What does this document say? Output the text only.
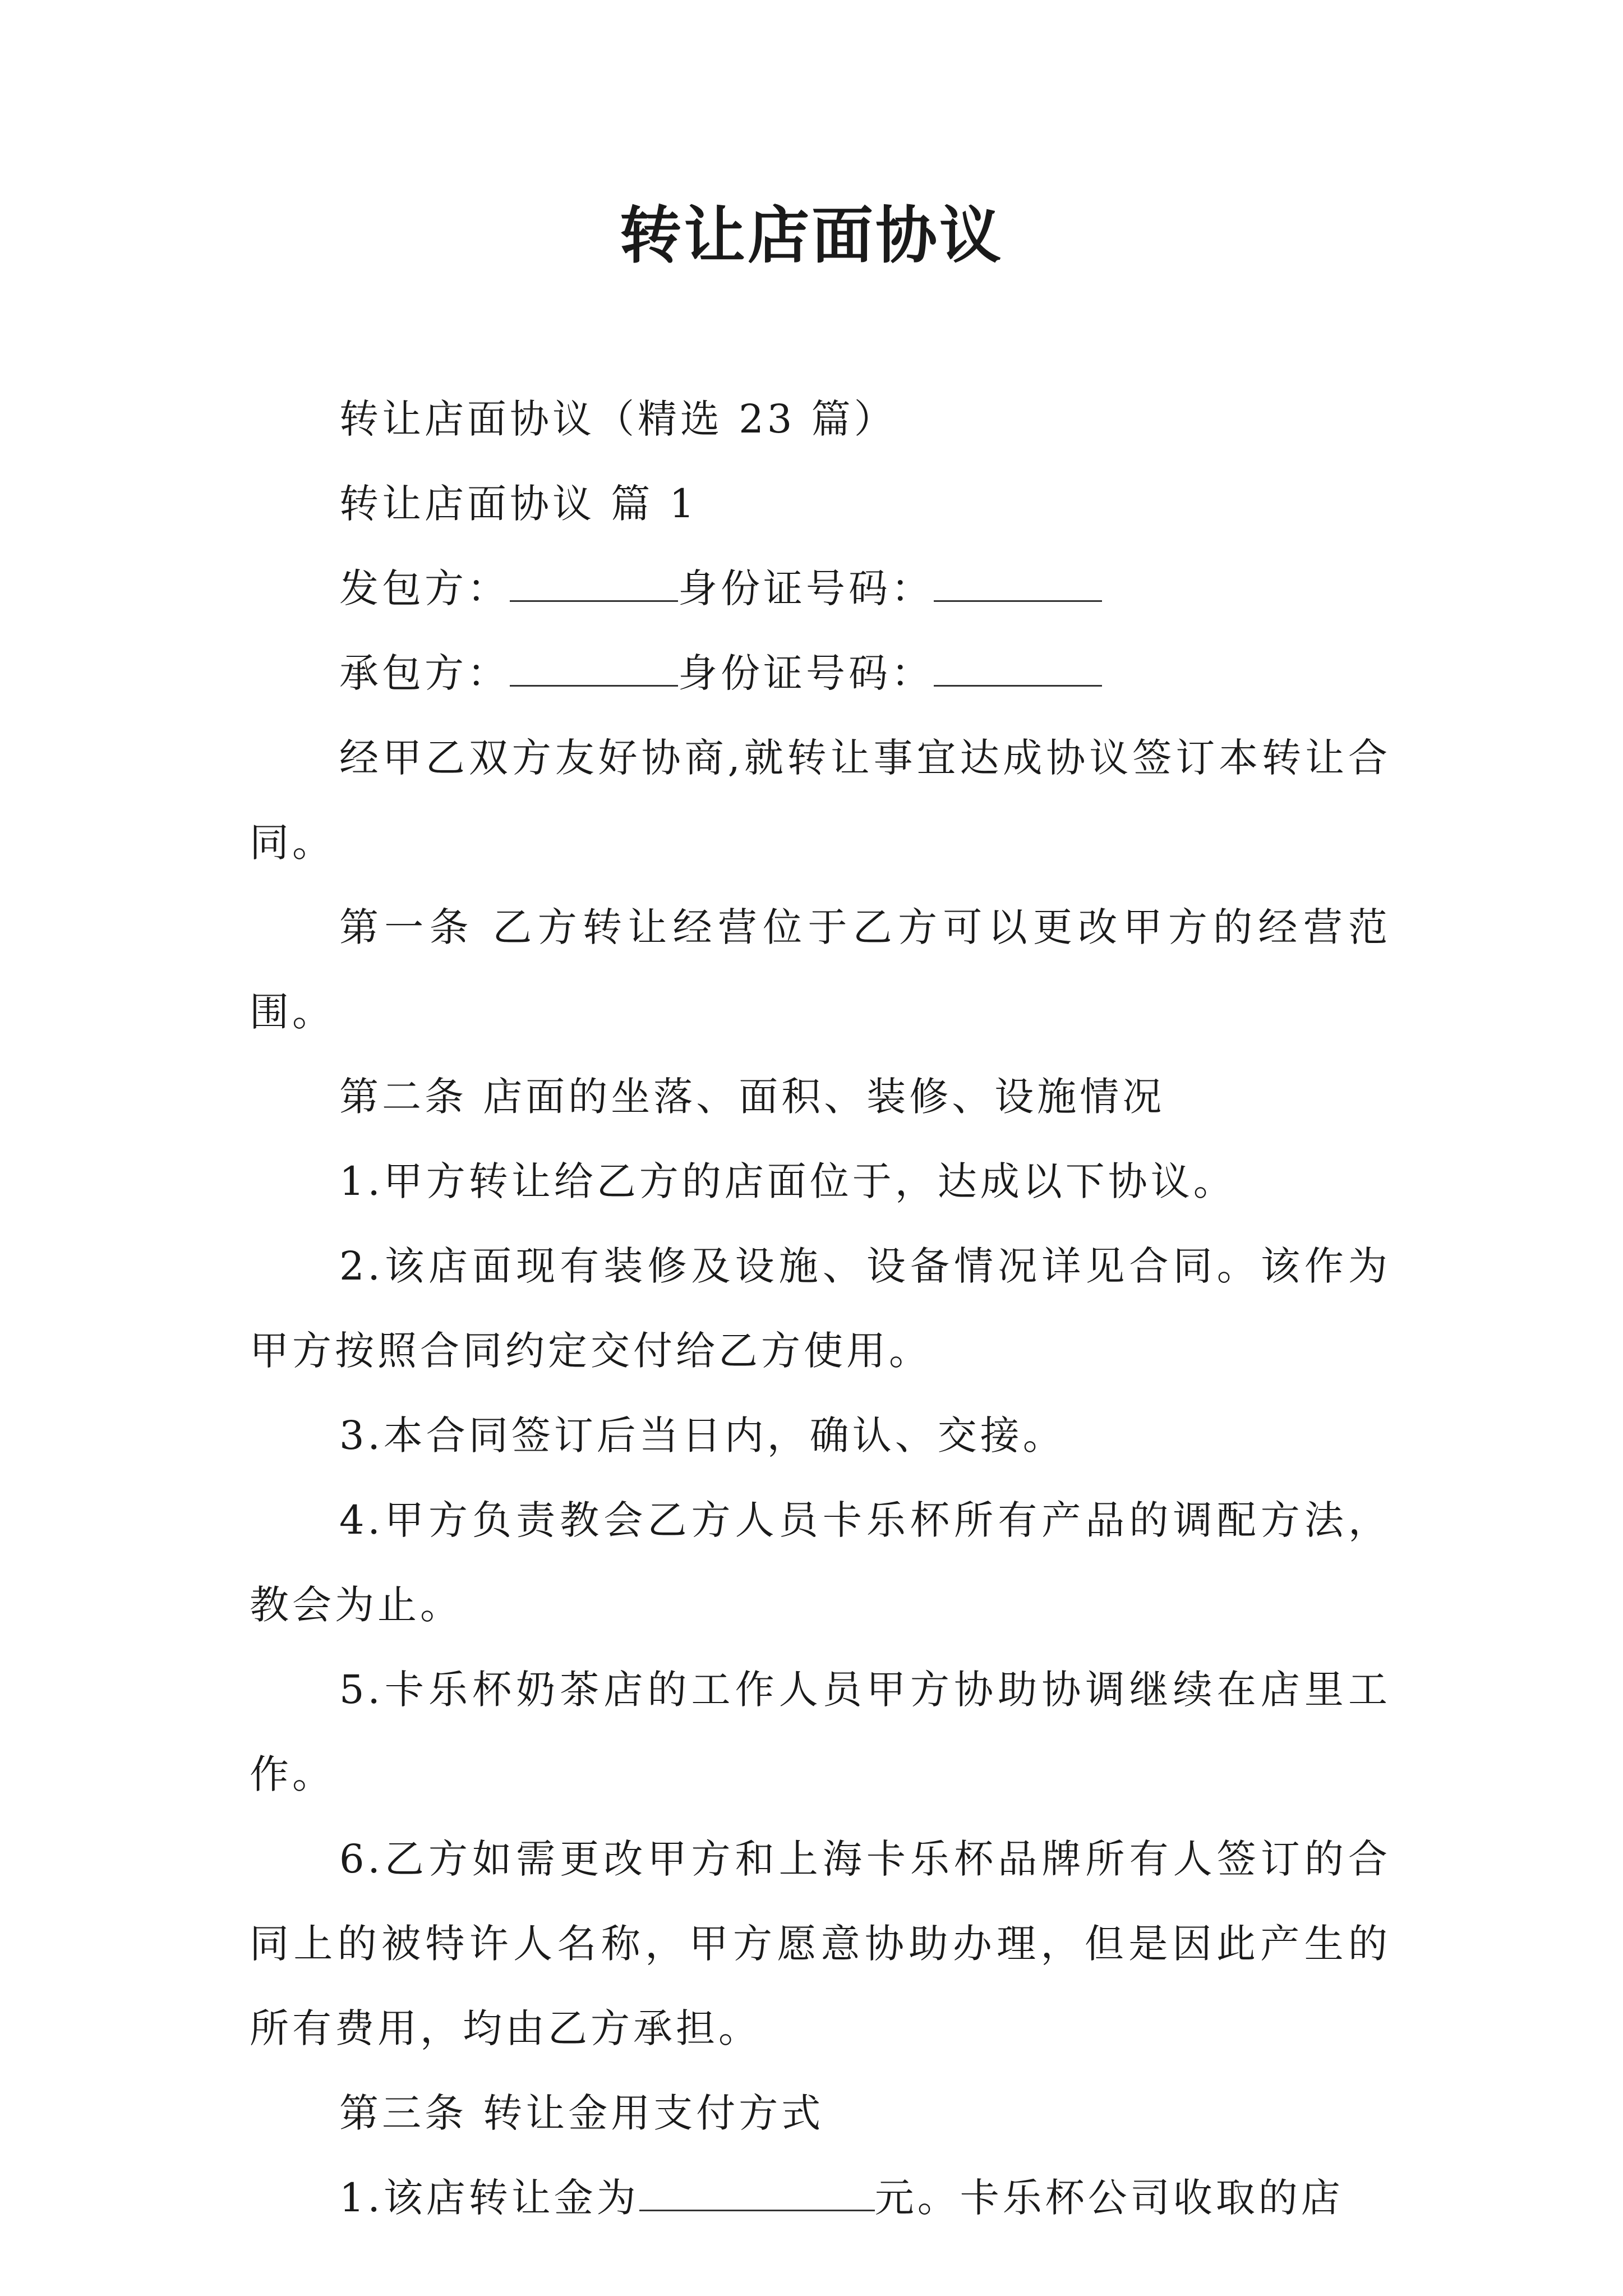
转让店面协议

转让店面协议（精选 23 篇）

转让店面协议 篇 1

发包方：	身份证号码：

承包方：	身份证号码：

经甲乙双方友好协商,就转让事宜达成协议签订本转让合同。

第一条 乙方转让经营位于乙方可以更改甲方的经营范围。

第二条 店面的坐落、面积、装修、设施情况

1.甲方转让给乙方的店面位于，达成以下协议。

2.该店面现有装修及设施、设备情况详见合同。该作为甲方按照合同约定交付给乙方使用。

3.本合同签订后当日内，确认、交接。

4.甲方负责教会乙方人员卡乐杯所有产品的调配方法，教会为止。

5.卡乐杯奶茶店的工作人员甲方协助协调继续在店里工作。

6.乙方如需更改甲方和上海卡乐杯品牌所有人签订的合同上的被特许人名称，甲方愿意协助办理，但是因此产生的所有费用，均由乙方承担。

第三条 转让金用支付方式

1.该店转让金为	元。卡乐杯公司收取的店
